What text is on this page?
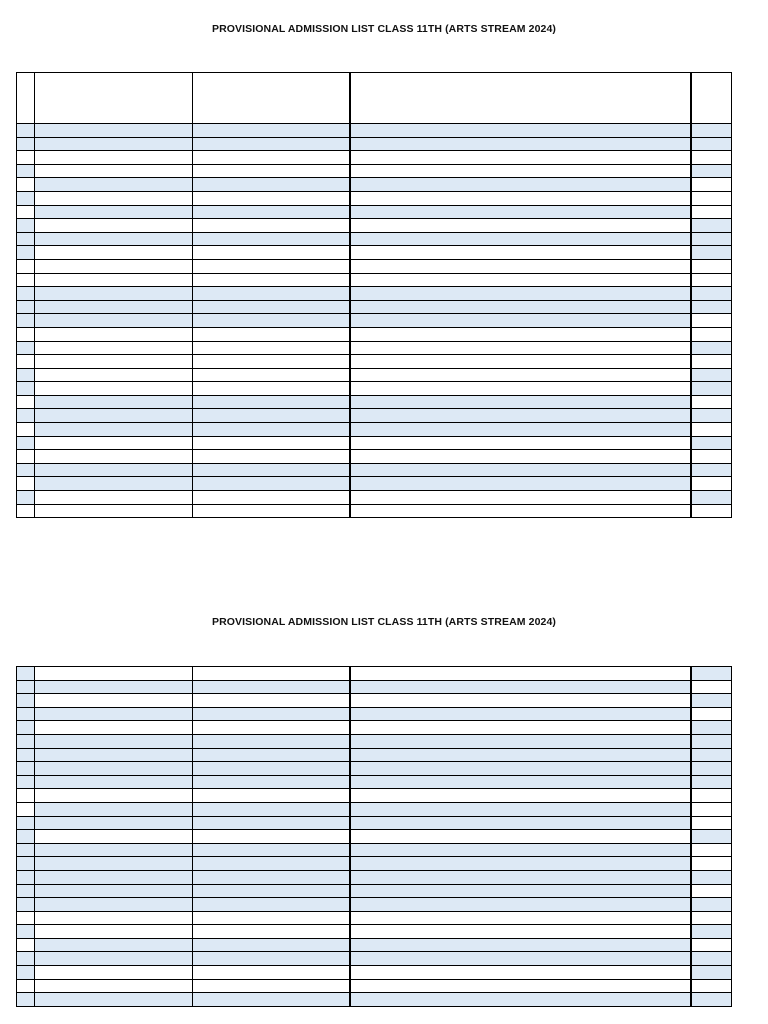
PROVISIONAL ADMISSION LIST CLASS 11TH (ARTS STREAM 2024)

PROVISIONAL ADMISSION LIST CLASS 11TH (ARTS STREAM 2024)
